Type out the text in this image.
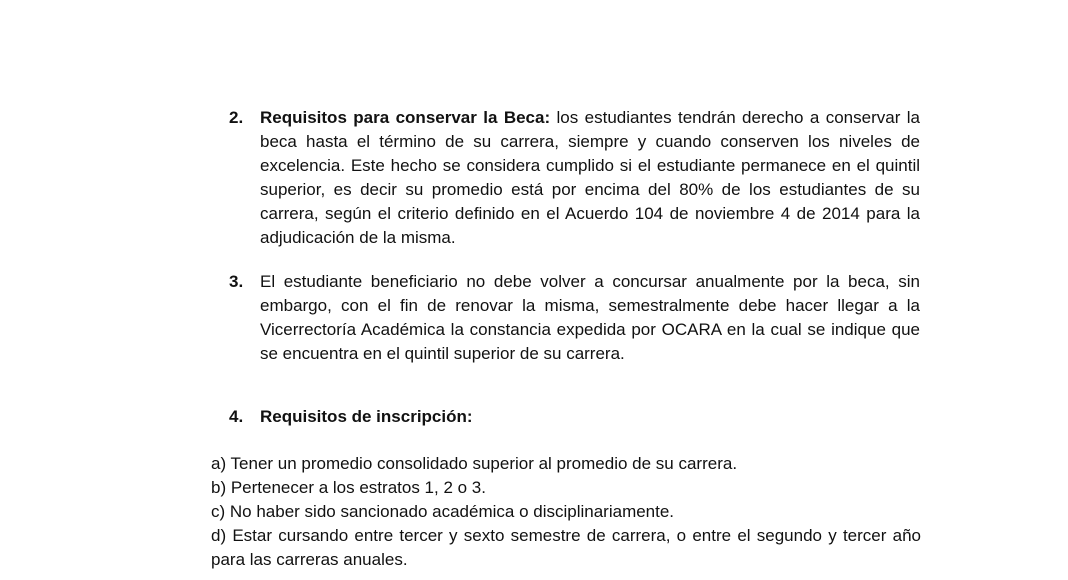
2. Requisitos para conservar la Beca: los estudiantes tendrán derecho a conservar la beca hasta el término de su carrera, siempre y cuando conserven los niveles de excelencia. Este hecho se considera cumplido si el estudiante permanece en el quintil superior, es decir su promedio está por encima del 80% de los estudiantes de su carrera, según el criterio definido en el Acuerdo 104 de noviembre 4 de 2014 para la adjudicación de la misma.
3. El estudiante beneficiario no debe volver a concursar anualmente por la beca, sin embargo, con el fin de renovar la misma, semestralmente debe hacer llegar a la Vicerrectoría Académica la constancia expedida por OCARA en la cual se indique que se encuentra en el quintil superior de su carrera.
4. Requisitos de inscripción:
a) Tener un promedio consolidado superior al promedio de su carrera.
b) Pertenecer a los estratos 1, 2 o 3.
c) No haber sido sancionado académica o disciplinariamente.
d) Estar cursando entre tercer y sexto semestre de carrera, o entre el segundo y tercer año para las carreras anuales.
